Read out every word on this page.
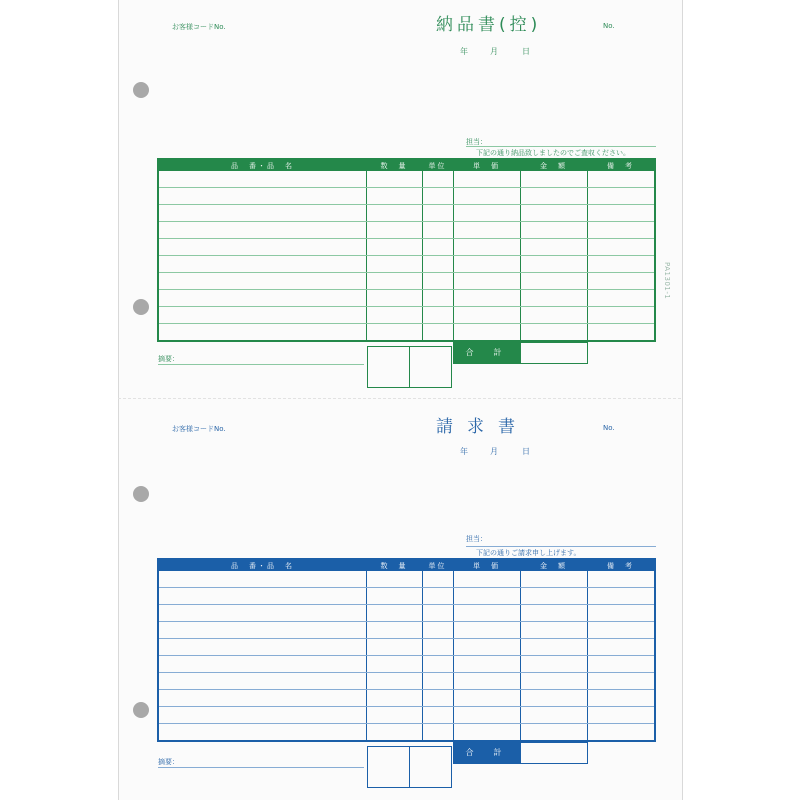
PA1301-1
お客様コードNo.	納品書(控)	No.
年	月	日
担当：
下記の通り納品致しましたのでご査収ください。
品　番・品　名	数　量	単位	単　価	金　額	備　考

摘要：
合　計
お客様コードNo.	請求書	No.
年	月	日
担当：
下記の通りご請求申し上げます。
品　番・品　名	数　量	単位	単　価	金　額	備　考

摘要：
合　計
